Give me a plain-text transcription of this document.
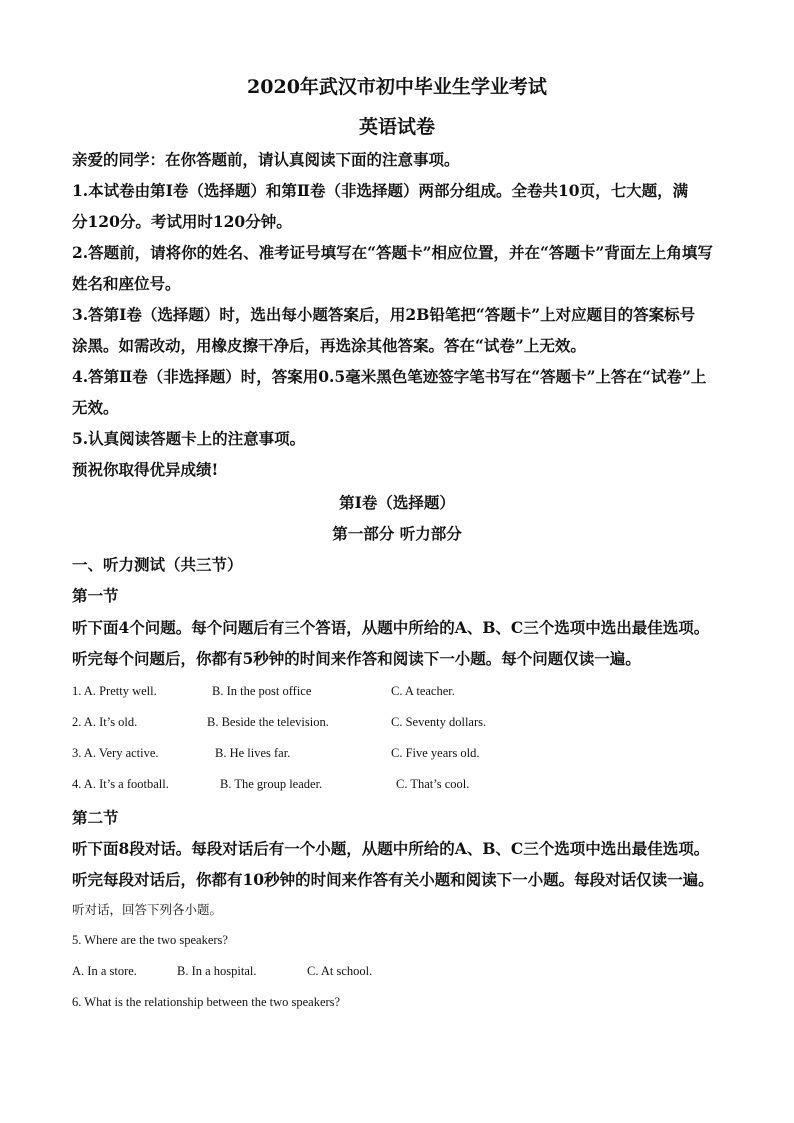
2020年武汉市初中毕业生学业考试
英语试卷
亲爱的同学：在你答题前，请认真阅读下面的注意事项。
1.本试卷由第Ⅰ卷（选择题）和第Ⅱ卷（非选择题）两部分组成。全卷共10页，七大题，满
分120分。考试用时120分钟。
2.答题前，请将你的姓名、准考证号填写在“答题卡”相应位置，并在“答题卡”背面左上角填写
姓名和座位号。
3.答第Ⅰ卷（选择题）时，选出每小题答案后，用2B铅笔把“答题卡”上对应题目的答案标号
涂黑。如需改动，用橡皮擦干净后，再选涂其他答案。答在“试卷”上无效。
4.答第Ⅱ卷（非选择题）时，答案用0.5毫米黑色笔迹签字笔书写在“答题卡”上答在“试卷”上
无效。
5.认真阅读答题卡上的注意事项。
预祝你取得优异成绩!
第Ⅰ卷（选择题）
第一部分 听力部分
一、听力测试（共三节）
第一节
听下面4个问题。每个问题后有三个答语，从题中所给的A、B、C三个选项中选出最佳选项。
听完每个问题后，你都有5秒钟的时间来作答和阅读下一小题。每个问题仅读一遍。
1. A. Pretty well.	B. In the post office	C. A teacher.
2. A. It’s old.	B. Beside the television.	C. Seventy dollars.
3. A. Very active.	B. He lives far.	C. Five years old.
4. A. It’s a football.	B. The group leader.	C. That’s cool.
第二节
听下面8段对话。每段对话后有一个小题，从题中所给的A、B、C三个选项中选出最佳选项。
听完每段对话后，你都有10秒钟的时间来作答有关小题和阅读下一小题。每段对话仅读一遍。
听对话，回答下列各小题。
5. Where are the two speakers?
A. In a store.	B. In a hospital.	C. At school.
6. What is the relationship between the two speakers?
